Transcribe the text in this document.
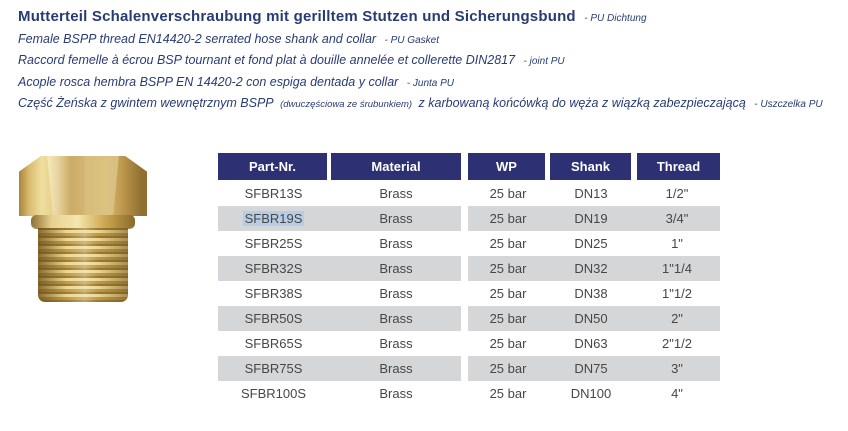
Mutterteil Schalenverschraubung mit gerilltem Stutzen und Sicherungsbund - PU Dichtung
Female BSPP thread EN14420-2 serrated hose shank and collar - PU Gasket
Raccord femelle à écrou BSP tournant et fond plat à douille annelée et collerette DIN2817 - joint PU
Acople rosca hembra BSPP EN 14420-2 con espiga dentada y collar - Junta PU
Część Żeńska z gwintem wewnętrznym BSPP (dwuczęściowa ze śrubunkiem) z karbowaną końcówką do węża z wiązką zabezpieczającą - Uszczelka PU
Part-Nr.	Material	WP	Shank	Thread
SFBR13S	Brass	25 bar	DN13	1/2"
SFBR19S	Brass	25 bar	DN19	3/4"
SFBR25S	Brass	25 bar	DN25	1"
SFBR32S	Brass	25 bar	DN32	1"1/4
SFBR38S	Brass	25 bar	DN38	1"1/2
SFBR50S	Brass	25 bar	DN50	2"
SFBR65S	Brass	25 bar	DN63	2"1/2
SFBR75S	Brass	25 bar	DN75	3"
SFBR100S	Brass	25 bar	DN100	4"
